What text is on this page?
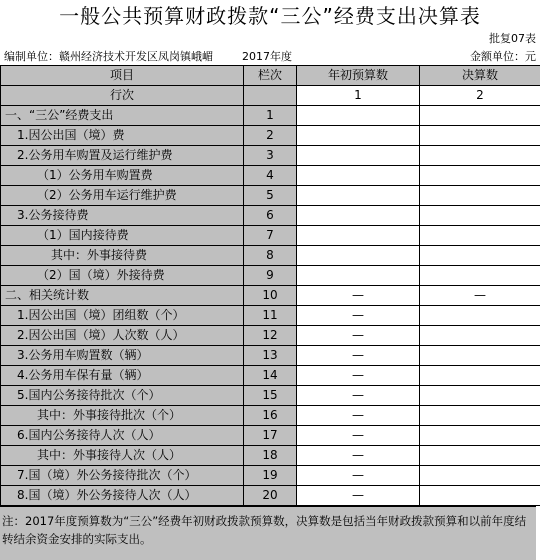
一般公共预算财政拨款“三公”经费支出决算表
批复07表
编制单位：赣州经济技术开发区凤岗镇峨嵋	2017年度	金额单位：元
项目	栏次	年初预算数	决算数
行次		1	2
一、“三公”经费支出	1		
1.因公出国（境）费	2		
2.公务用车购置及运行维护费	3		
（1）公务用车购置费	4		
（2）公务用车运行维护费	5		
3.公务接待费	6		
（1）国内接待费	7		
其中：外事接待费	8		
（2）国（境）外接待费	9		
二、相关统计数	10	—	—
1.因公出国（境）团组数（个）	11	—	
2.因公出国（境）人次数（人）	12	—	
3.公务用车购置数（辆）	13	—	
4.公务用车保有量（辆）	14	—	
5.国内公务接待批次（个）	15	—	
其中：外事接待批次（个）	16	—	
6.国内公务接待人次（人）	17	—	
其中：外事接待人次（人）	18	—	
7.国（境）外公务接待批次（个）	19	—	
8.国（境）外公务接待人次（人）	20	—	
注：2017年度预算数为“三公”经费年初财政拨款预算数，决算数是包括当年财政拨款预算和以前年度结转结余资金安排的实际支出。
